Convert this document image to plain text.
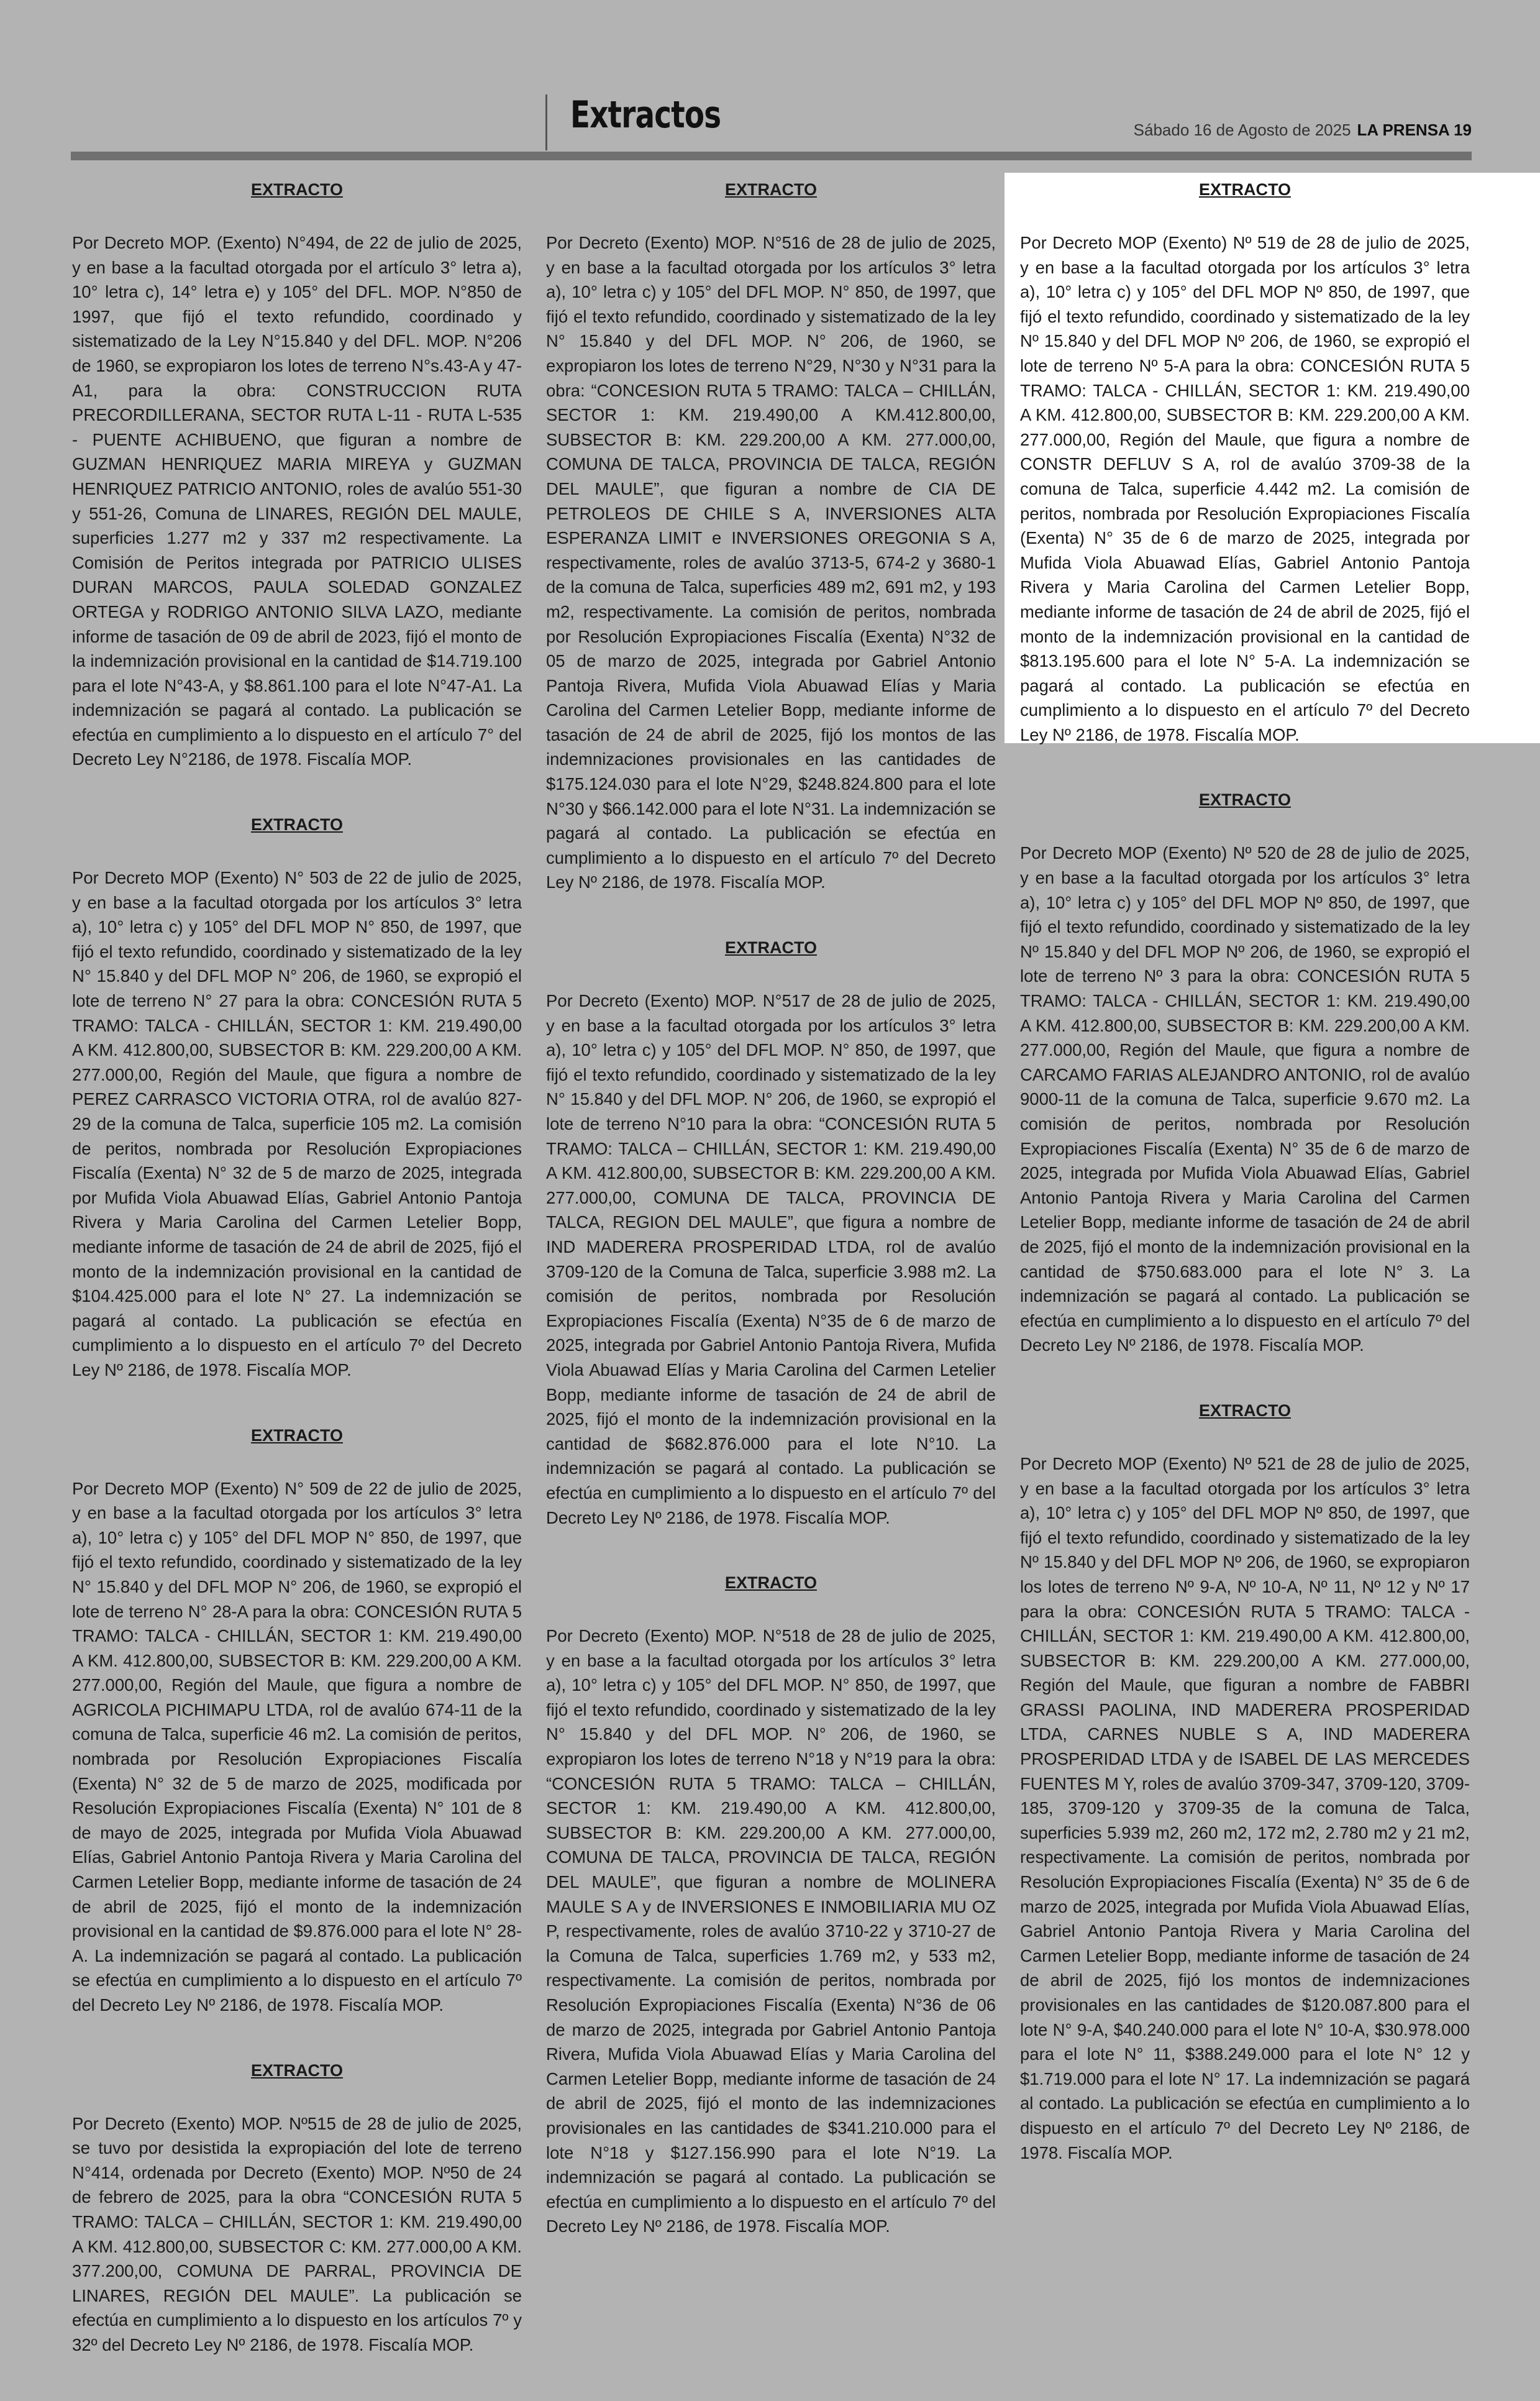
Extractos	Sábado 16 de Agosto de 2025 LA PRENSA 19
EXTRACTO

Por Decreto MOP. (Exento) N°494, de 22 de julio de 2025, y en base a la facultad otorgada por el artículo 3° letra a), 10° letra c), 14° letra e) y 105° del DFL. MOP. N°850 de 1997, que fijó el texto refundido, coordinado y sistematizado de la Ley N°15.840 y del DFL. MOP. N°206 de 1960, se expropiaron los lotes de terreno N°s.43-A y 47-A1, para la obra: CONSTRUCCION RUTA PRECORDILLERANA, SECTOR RUTA L-11 - RUTA L-535 - PUENTE ACHIBUENO, que figuran a nombre de GUZMAN HENRIQUEZ MARIA MIREYA y GUZMAN HENRIQUEZ PATRICIO ANTONIO, roles de avalúo 551-30 y 551-26, Comuna de LINARES, REGIÓN DEL MAULE, superficies 1.277 m2 y 337 m2 respectivamente. La Comisión de Peritos integrada por PATRICIO ULISES DURAN MARCOS, PAULA SOLEDAD GONZALEZ ORTEGA y RODRIGO ANTONIO SILVA LAZO, mediante informe de tasación de 09 de abril de 2023, fijó el monto de la indemnización provisional en la cantidad de $14.719.100 para el lote N°43-A, y $8.861.100 para el lote N°47-A1. La indemnización se pagará al contado. La publicación se efectúa en cumplimiento a lo dispuesto en el artículo 7° del Decreto Ley N°2186, de 1978. Fiscalía MOP.

EXTRACTO

Por Decreto MOP (Exento) N° 503 de 22 de julio de 2025, y en base a la facultad otorgada por los artículos 3° letra a), 10° letra c) y 105° del DFL MOP N° 850, de 1997, que fijó el texto refundido, coordinado y sistematizado de la ley N° 15.840 y del DFL MOP N° 206, de 1960, se expropió el lote de terreno N° 27 para la obra: CONCESIÓN RUTA 5 TRAMO: TALCA - CHILLÁN, SECTOR 1: KM. 219.490,00 A KM. 412.800,00, SUBSECTOR B: KM. 229.200,00 A KM. 277.000,00, Región del Maule, que figura a nombre de PEREZ CARRASCO VICTORIA OTRA, rol de avalúo 827-29 de la comuna de Talca, superficie 105 m2. La comisión de peritos, nombrada por Resolución Expropiaciones Fiscalía (Exenta) N° 32 de 5 de marzo de 2025, integrada por Mufida Viola Abuawad Elías, Gabriel Antonio Pantoja Rivera y Maria Carolina del Carmen Letelier Bopp, mediante informe de tasación de 24 de abril de 2025, fijó el monto de la indemnización provisional en la cantidad de $104.425.000 para el lote N° 27. La indemnización se pagará al contado. La publicación se efectúa en cumplimiento a lo dispuesto en el artículo 7º del Decreto Ley Nº 2186, de 1978. Fiscalía MOP.

EXTRACTO

Por Decreto MOP (Exento) N° 509 de 22 de julio de 2025, y en base a la facultad otorgada por los artículos 3° letra a), 10° letra c) y 105° del DFL MOP N° 850, de 1997, que fijó el texto refundido, coordinado y sistematizado de la ley N° 15.840 y del DFL MOP N° 206, de 1960, se expropió el lote de terreno N° 28-A para la obra: CONCESIÓN RUTA 5 TRAMO: TALCA - CHILLÁN, SECTOR 1: KM. 219.490,00 A KM. 412.800,00, SUBSECTOR B: KM. 229.200,00 A KM. 277.000,00, Región del Maule, que figura a nombre de AGRICOLA PICHIMAPU LTDA, rol de avalúo 674-11 de la comuna de Talca, superficie 46 m2. La comisión de peritos, nombrada por Resolución Expropiaciones Fiscalía (Exenta) N° 32 de 5 de marzo de 2025, modificada por Resolución Expropiaciones Fiscalía (Exenta) N° 101 de 8 de mayo de 2025, integrada por Mufida Viola Abuawad Elías, Gabriel Antonio Pantoja Rivera y Maria Carolina del Carmen Letelier Bopp, mediante informe de tasación de 24 de abril de 2025, fijó el monto de la indemnización provisional en la cantidad de $9.876.000 para el lote N° 28-A. La indemnización se pagará al contado. La publicación se efectúa en cumplimiento a lo dispuesto en el artículo 7º del Decreto Ley Nº 2186, de 1978. Fiscalía MOP.

EXTRACTO

Por Decreto (Exento) MOP. Nº515 de 28 de julio de 2025, se tuvo por desistida la expropiación del lote de terreno N°414, ordenada por Decreto (Exento) MOP. Nº50 de 24 de febrero de 2025, para la obra “CONCESIÓN RUTA 5 TRAMO: TALCA – CHILLÁN, SECTOR 1: KM. 219.490,00 A KM. 412.800,00, SUBSECTOR C: KM. 277.000,00 A KM. 377.200,00, COMUNA DE PARRAL, PROVINCIA DE LINARES, REGIÓN DEL MAULE”. La publicación se efectúa en cumplimiento a lo dispuesto en los artículos 7º y 32º del Decreto Ley Nº 2186, de 1978. Fiscalía MOP.

EXTRACTO

Por Decreto (Exento) MOP. N°516 de 28 de julio de 2025, y en base a la facultad otorgada por los artículos 3° letra a), 10° letra c) y 105° del DFL MOP. N° 850, de 1997, que fijó el texto refundido, coordinado y sistematizado de la ley N° 15.840 y del DFL MOP. N° 206, de 1960, se expropiaron los lotes de terreno N°29, N°30 y N°31 para la obra: “CONCESION RUTA 5 TRAMO: TALCA – CHILLÁN, SECTOR 1: KM. 219.490,00 A KM.412.800,00, SUBSECTOR B: KM. 229.200,00 A KM. 277.000,00, COMUNA DE TALCA, PROVINCIA DE TALCA, REGIÓN DEL MAULE”, que figuran a nombre de CIA DE PETROLEOS DE CHILE S A, INVERSIONES ALTA ESPERANZA LIMIT e INVERSIONES OREGONIA S A, respectivamente, roles de avalúo 3713-5, 674-2 y 3680-1 de la comuna de Talca, superficies 489 m2, 691 m2, y 193 m2, respectivamente. La comisión de peritos, nombrada por Resolución Expropiaciones Fiscalía (Exenta) N°32 de 05 de marzo de 2025, integrada por Gabriel Antonio Pantoja Rivera, Mufida Viola Abuawad Elías y Maria Carolina del Carmen Letelier Bopp, mediante informe de tasación de 24 de abril de 2025, fijó los montos de las indemnizaciones provisionales en las cantidades de $175.124.030 para el lote N°29, $248.824.800 para el lote N°30 y $66.142.000 para el lote N°31. La indemnización se pagará al contado. La publicación se efectúa en cumplimiento a lo dispuesto en el artículo 7º del Decreto Ley Nº 2186, de 1978. Fiscalía MOP.

EXTRACTO

Por Decreto (Exento) MOP. N°517 de 28 de julio de 2025, y en base a la facultad otorgada por los artículos 3° letra a), 10° letra c) y 105° del DFL MOP. N° 850, de 1997, que fijó el texto refundido, coordinado y sistematizado de la ley N° 15.840 y del DFL MOP. N° 206, de 1960, se expropió el lote de terreno N°10 para la obra: “CONCESIÓN RUTA 5 TRAMO: TALCA – CHILLÁN, SECTOR 1: KM. 219.490,00 A KM. 412.800,00, SUBSECTOR B: KM. 229.200,00 A KM. 277.000,00, COMUNA DE TALCA, PROVINCIA DE TALCA, REGION DEL MAULE”, que figura a nombre de IND MADERERA PROSPERIDAD LTDA, rol de avalúo 3709-120 de la Comuna de Talca, superficie 3.988 m2. La comisión de peritos, nombrada por Resolución Expropiaciones Fiscalía (Exenta) N°35 de 6 de marzo de 2025, integrada por Gabriel Antonio Pantoja Rivera, Mufida Viola Abuawad Elías y Maria Carolina del Carmen Letelier Bopp, mediante informe de tasación de 24 de abril de 2025, fijó el monto de la indemnización provisional en la cantidad de $682.876.000 para el lote N°10. La indemnización se pagará al contado. La publicación se efectúa en cumplimiento a lo dispuesto en el artículo 7º del Decreto Ley Nº 2186, de 1978. Fiscalía MOP.

EXTRACTO

Por Decreto (Exento) MOP. N°518 de 28 de julio de 2025, y en base a la facultad otorgada por los artículos 3° letra a), 10° letra c) y 105° del DFL MOP. N° 850, de 1997, que fijó el texto refundido, coordinado y sistematizado de la ley N° 15.840 y del DFL MOP. N° 206, de 1960, se expropiaron los lotes de terreno N°18 y N°19 para la obra: “CONCESIÓN RUTA 5 TRAMO: TALCA – CHILLÁN, SECTOR 1: KM. 219.490,00 A KM. 412.800,00, SUBSECTOR B: KM. 229.200,00 A KM. 277.000,00, COMUNA DE TALCA, PROVINCIA DE TALCA, REGIÓN DEL MAULE”, que figuran a nombre de MOLINERA MAULE S A y de INVERSIONES E INMOBILIARIA MU OZ P, respectivamente, roles de avalúo 3710-22 y 3710-27 de la Comuna de Talca, superficies 1.769 m2, y 533 m2, respectivamente. La comisión de peritos, nombrada por Resolución Expropiaciones Fiscalía (Exenta) N°36 de 06 de marzo de 2025, integrada por Gabriel Antonio Pantoja Rivera, Mufida Viola Abuawad Elías y Maria Carolina del Carmen Letelier Bopp, mediante informe de tasación de 24 de abril de 2025, fijó el monto de las indemnizaciones provisionales en las cantidades de $341.210.000 para el lote N°18 y $127.156.990 para el lote N°19. La indemnización se pagará al contado. La publicación se efectúa en cumplimiento a lo dispuesto en el artículo 7º del Decreto Ley Nº 2186, de 1978. Fiscalía MOP.

EXTRACTO

Por Decreto MOP (Exento) Nº 519 de 28 de julio de 2025, y en base a la facultad otorgada por los artículos 3° letra a), 10° letra c) y 105° del DFL MOP Nº 850, de 1997, que fijó el texto refundido, coordinado y sistematizado de la ley Nº 15.840 y del DFL MOP Nº 206, de 1960, se expropió el lote de terreno Nº 5-A para la obra: CONCESIÓN RUTA 5 TRAMO: TALCA - CHILLÁN, SECTOR 1: KM. 219.490,00 A KM. 412.800,00, SUBSECTOR B: KM. 229.200,00 A KM. 277.000,00, Región del Maule, que figura a nombre de CONSTR DEFLUV S A, rol de avalúo 3709-38 de la comuna de Talca, superficie 4.442 m2. La comisión de peritos, nombrada por Resolución Expropiaciones Fiscalía (Exenta) N° 35 de 6 de marzo de 2025, integrada por Mufida Viola Abuawad Elías, Gabriel Antonio Pantoja Rivera y Maria Carolina del Carmen Letelier Bopp, mediante informe de tasación de 24 de abril de 2025, fijó el monto de la indemnización provisional en la cantidad de $813.195.600 para el lote N° 5-A. La indemnización se pagará al contado. La publicación se efectúa en cumplimiento a lo dispuesto en el artículo 7º del Decreto Ley Nº 2186, de 1978. Fiscalía MOP.

EXTRACTO

Por Decreto MOP (Exento) Nº 520 de 28 de julio de 2025, y en base a la facultad otorgada por los artículos 3° letra a), 10° letra c) y 105° del DFL MOP Nº 850, de 1997, que fijó el texto refundido, coordinado y sistematizado de la ley Nº 15.840 y del DFL MOP Nº 206, de 1960, se expropió el lote de terreno Nº 3 para la obra: CONCESIÓN RUTA 5 TRAMO: TALCA - CHILLÁN, SECTOR 1: KM. 219.490,00 A KM. 412.800,00, SUBSECTOR B: KM. 229.200,00 A KM. 277.000,00, Región del Maule, que figura a nombre de CARCAMO FARIAS ALEJANDRO ANTONIO, rol de avalúo 9000-11 de la comuna de Talca, superficie 9.670 m2. La comisión de peritos, nombrada por Resolución Expropiaciones Fiscalía (Exenta) N° 35 de 6 de marzo de 2025, integrada por Mufida Viola Abuawad Elías, Gabriel Antonio Pantoja Rivera y Maria Carolina del Carmen Letelier Bopp, mediante informe de tasación de 24 de abril de 2025, fijó el monto de la indemnización provisional en la cantidad de $750.683.000 para el lote N° 3. La indemnización se pagará al contado. La publicación se efectúa en cumplimiento a lo dispuesto en el artículo 7º del Decreto Ley Nº 2186, de 1978. Fiscalía MOP.

EXTRACTO

Por Decreto MOP (Exento) Nº 521 de 28 de julio de 2025, y en base a la facultad otorgada por los artículos 3° letra a), 10° letra c) y 105° del DFL MOP Nº 850, de 1997, que fijó el texto refundido, coordinado y sistematizado de la ley Nº 15.840 y del DFL MOP Nº 206, de 1960, se expropiaron los lotes de terreno Nº 9-A, Nº 10-A, Nº 11, Nº 12 y Nº 17 para la obra: CONCESIÓN RUTA 5 TRAMO: TALCA - CHILLÁN, SECTOR 1: KM. 219.490,00 A KM. 412.800,00, SUBSECTOR B: KM. 229.200,00 A KM. 277.000,00, Región del Maule, que figuran a nombre de FABBRI GRASSI PAOLINA, IND MADERERA PROSPERIDAD LTDA, CARNES NUBLE S A, IND MADERERA PROSPERIDAD LTDA y de ISABEL DE LAS MERCEDES FUENTES M Y, roles de avalúo 3709-347, 3709-120, 3709-185, 3709-120 y 3709-35 de la comuna de Talca, superficies 5.939 m2, 260 m2, 172 m2, 2.780 m2 y 21 m2, respectivamente. La comisión de peritos, nombrada por Resolución Expropiaciones Fiscalía (Exenta) N° 35 de 6 de marzo de 2025, integrada por Mufida Viola Abuawad Elías, Gabriel Antonio Pantoja Rivera y Maria Carolina del Carmen Letelier Bopp, mediante informe de tasación de 24 de abril de 2025, fijó los montos de indemnizaciones provisionales en las cantidades de $120.087.800 para el lote N° 9-A, $40.240.000 para el lote N° 10-A, $30.978.000 para el lote N° 11, $388.249.000 para el lote N° 12 y $1.719.000 para el lote N° 17. La indemnización se pagará al contado. La publicación se efectúa en cumplimiento a lo dispuesto en el artículo 7º del Decreto Ley Nº 2186, de 1978. Fiscalía MOP.
